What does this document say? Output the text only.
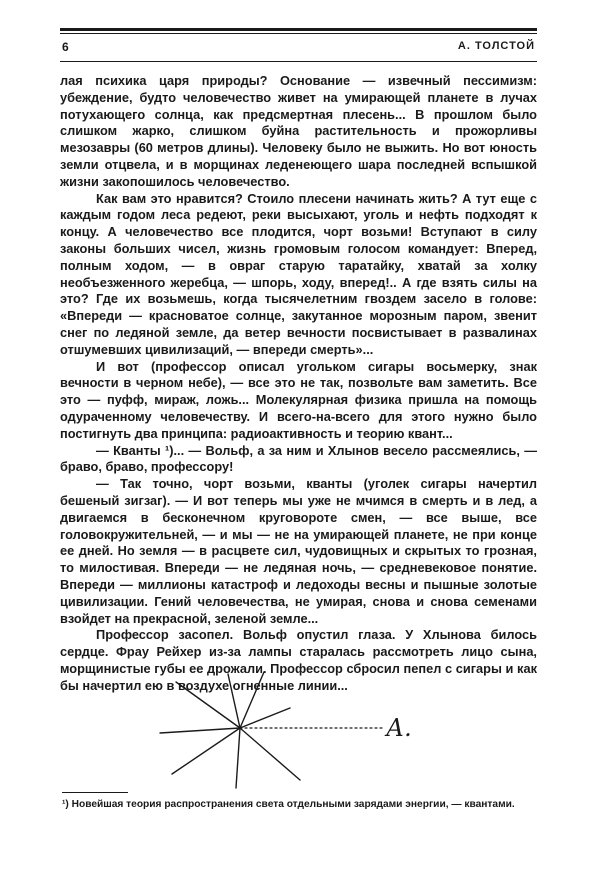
6	А. ТОЛСТОЙ

лая психика царя природы? Основание — извечный пессимизм: убеждение, будто человечество живет на умирающей планете в лучах потухающего солнца, как предсмертная плесень... В прошлом было слишком жарко, слишком буйна растительность и прожорливы мезозавры (60 метров длины). Человеку было не выжить. Но вот юность земли отцвела, и в морщинах леденеющего шара последней вспышкой жизни закопошилось человечество.

Как вам это нравится? Стоило плесени начинать жить? А тут еще с каждым годом леса редеют, реки высыхают, уголь и нефть подходят к концу. А человечество все плодится, чорт возьми! Вступают в силу законы больших чисел, жизнь громовым голосом командует: Вперед, полным ходом, — в овраг старую таратайку, хватай за холку необъезженного жеребца, — шпорь, ходу, вперед!.. А где взять силы на это? Где их возьмешь, когда тысячелетним гвоздем засело в голове: «Впереди — красноватое солнце, закутанное морозным паром, звенит снег по ледяной земле, да ветер вечности посвистывает в развалинах отшумевших цивилизаций, — впереди смерть»...

И вот (профессор описал угольком сигары восьмерку, знак вечности в черном небе), — все это не так, позвольте вам заметить. Все это — пуфф, мираж, ложь... Молекулярная физика пришла на помощь одураченному человечеству. И всего-на-всего для этого нужно было постигнуть два принципа: радиоактивность и теорию квант...

— Кванты ¹)... — Вольф, а за ним и Хлынов весело рассмеялись, — браво, браво, профессору!

— Так точно, чорт возьми, кванты (уголек сигары начертил бешеный зигзаг). — И вот теперь мы уже не мчимся в смерть и в лед, а двигаемся в бесконечном круговороте смен, — все выше, все головокружительней, — и мы — не на умирающей планете, не при конце ее дней. Но земля — в расцвете сил, чудовищных и скрытых то грозная, то милостивая. Впереди — не ледяная ночь, — средневековое понятие. Впереди — миллионы катастроф и ледоходы весны и пышные золотые цивилизации. Гений человечества, не умирая, снова и снова семенами взойдет на прекрасной, зеленой земле...

Профессор засопел. Вольф опустил глаза. У Хлынова билось сердце. Фрау Рейхер из-за лампы старалась рассмотреть лицо сына, морщинистые губы ее дрожали. Профессор сбросил пепел с сигары и как бы начертил ею в воздухе огненные линии...

А.

¹) Новейшая теория распространения света отдельными зарядами энергии, — квантами.
